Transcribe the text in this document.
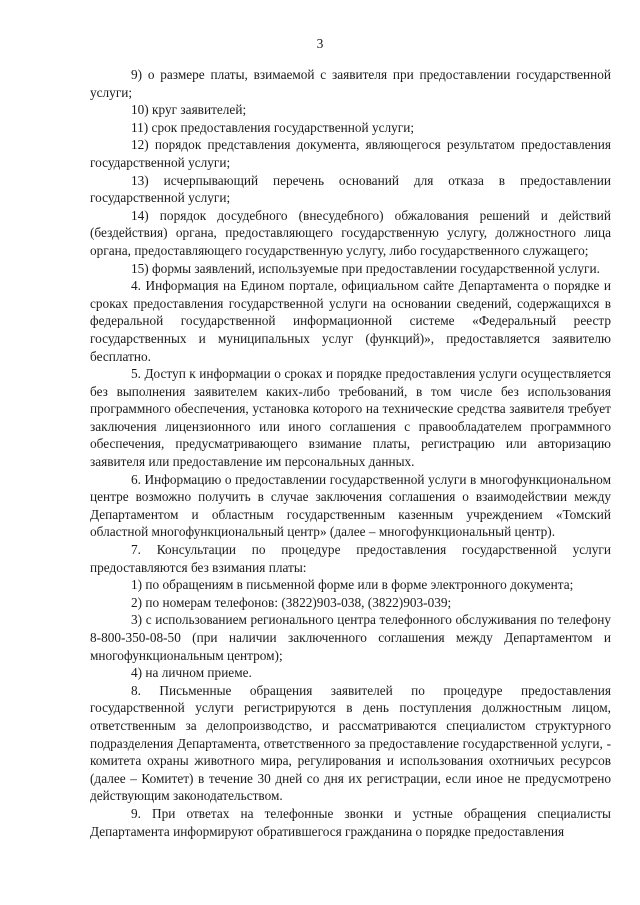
3

9) о размере платы, взимаемой с заявителя при предоставлении государственной услуги;

10) круг заявителей;

11) срок предоставления государственной услуги;

12) порядок представления документа, являющегося результатом предоставления государственной услуги;

13) исчерпывающий перечень оснований для отказа в предоставлении государственной услуги;

14) порядок досудебного (внесудебного) обжалования решений и действий (бездействия) органа, предоставляющего государственную услугу, должностного лица органа, предоставляющего государственную услугу, либо государственного служащего;

15) формы заявлений, используемые при предоставлении государственной услуги.

4. Информация на Едином портале, официальном сайте Департамента о порядке и сроках предоставления государственной услуги на основании сведений, содержащихся в федеральной государственной информационной системе «Федеральный реестр государственных и муниципальных услуг (функций)», предоставляется заявителю бесплатно.

5. Доступ к информации о сроках и порядке предоставления услуги осуществляется без выполнения заявителем каких-либо требований, в том числе без использования программного обеспечения, установка которого на технические средства заявителя требует заключения лицензионного или иного соглашения с правообладателем программного обеспечения, предусматривающего взимание платы, регистрацию или авторизацию заявителя или предоставление им персональных данных.

6. Информацию о предоставлении государственной услуги в многофункциональном центре возможно получить в случае заключения соглашения о взаимодействии между Департаментом и областным государственным казенным учреждением «Томский областной многофункциональный центр» (далее – многофункциональный центр).

7. Консультации по процедуре предоставления государственной услуги предоставляются без взимания платы:

1) по обращениям в письменной форме или в форме электронного документа;

2) по номерам телефонов: (3822)903-038, (3822)903-039;

3) с использованием регионального центра телефонного обслуживания по телефону 8-800-350-08-50 (при наличии заключенного соглашения между Департаментом и многофункциональным центром);

4) на личном приеме.

8. Письменные обращения заявителей по процедуре предоставления государственной услуги регистрируются в день поступления должностным лицом, ответственным за делопроизводство, и рассматриваются специалистом структурного подразделения Департамента, ответственного за предоставление государственной услуги, - комитета охраны животного мира, регулирования и использования охотничьих ресурсов (далее – Комитет) в течение 30 дней со дня их регистрации, если иное не предусмотрено действующим законодательством.

9. При ответах на телефонные звонки и устные обращения специалисты Департамента информируют обратившегося гражданина о порядке предоставления
